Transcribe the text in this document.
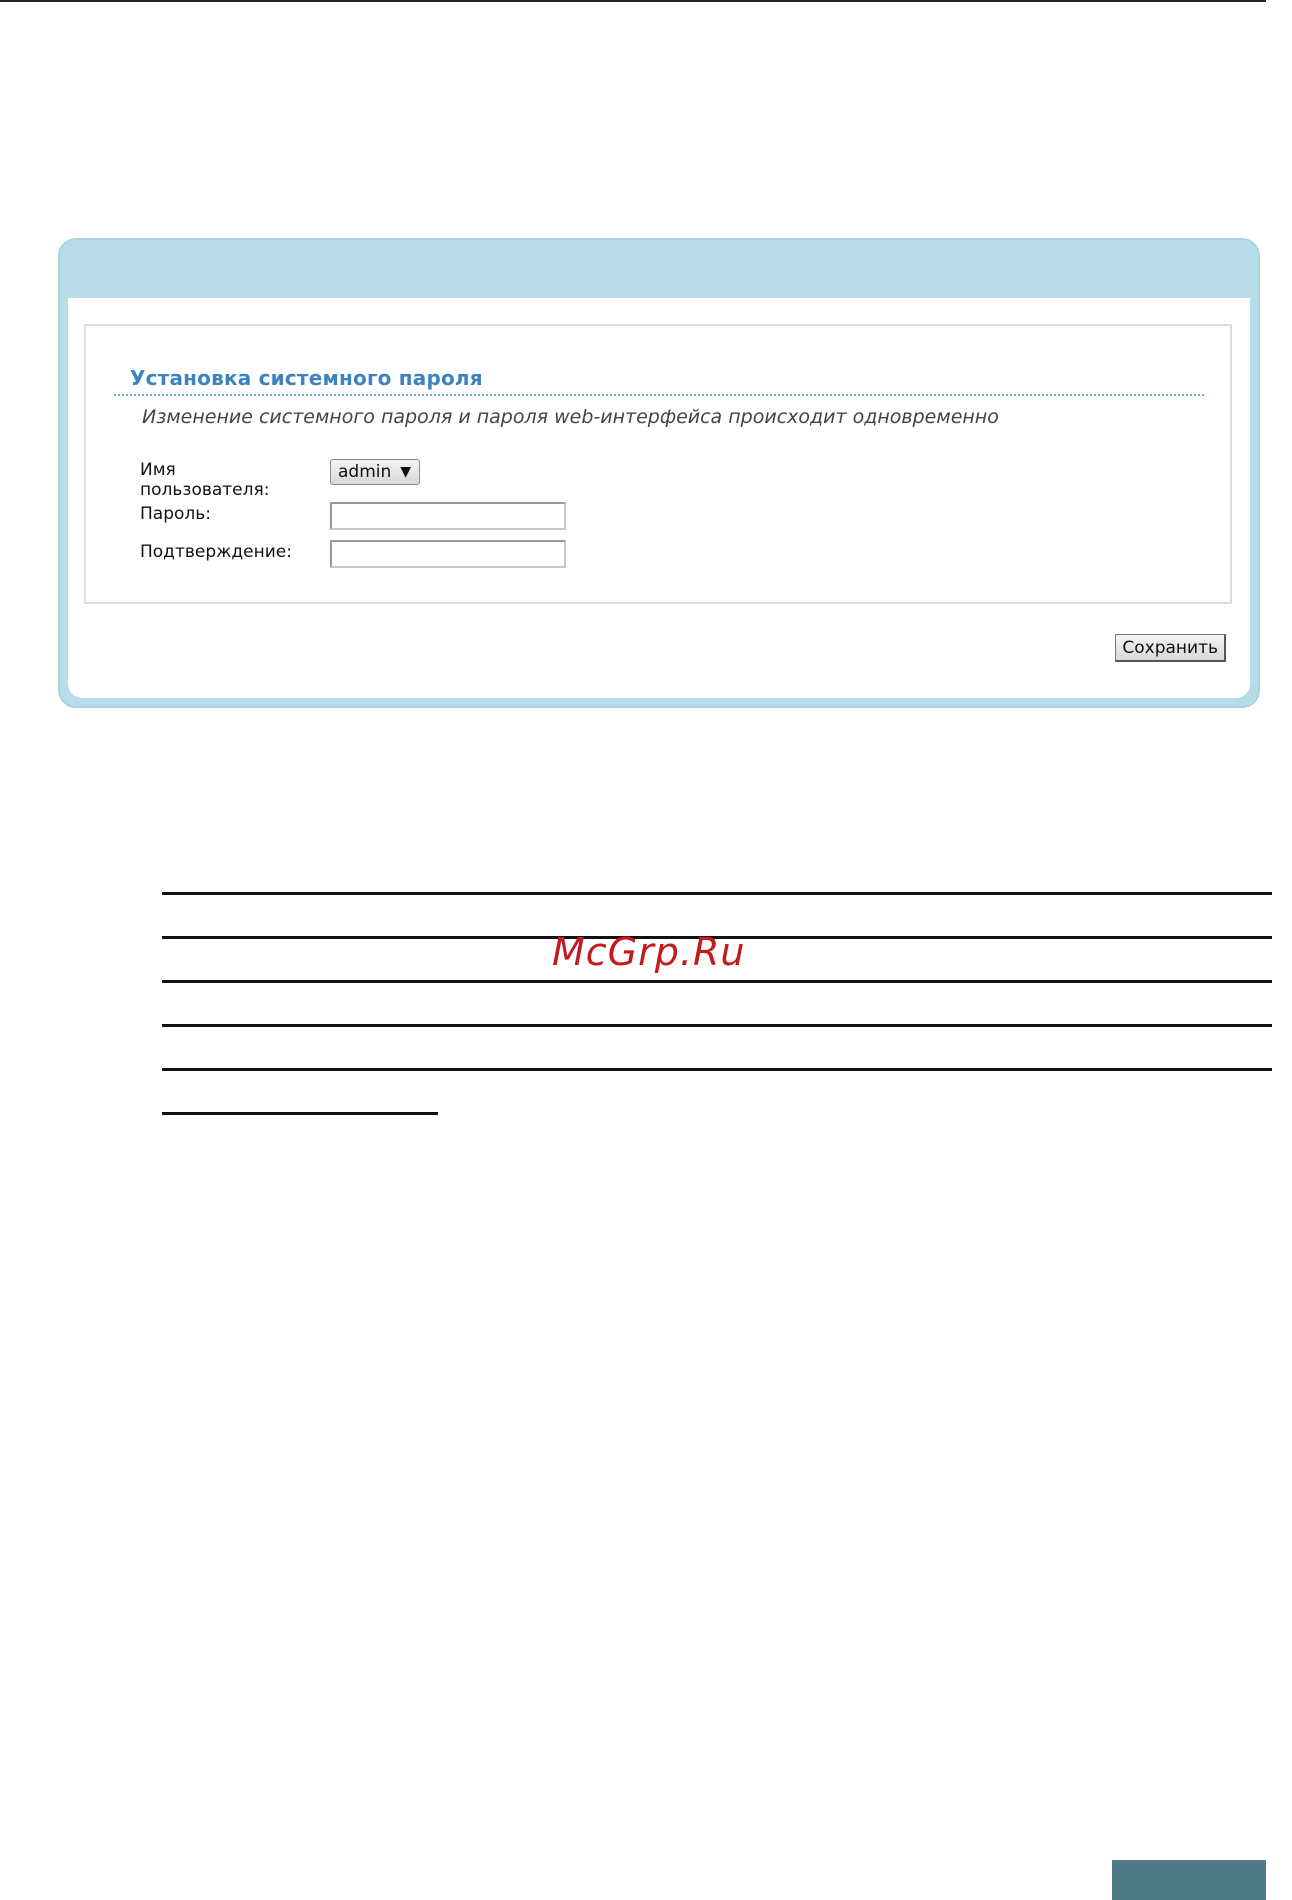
Установка системного пароля
Изменение системного пароля и пароля web-интерфейса происходит одновременно
Имя
пользователя:
admin ▼
Пароль:
Подтверждение:
Сохранить
McGrp.Ru
